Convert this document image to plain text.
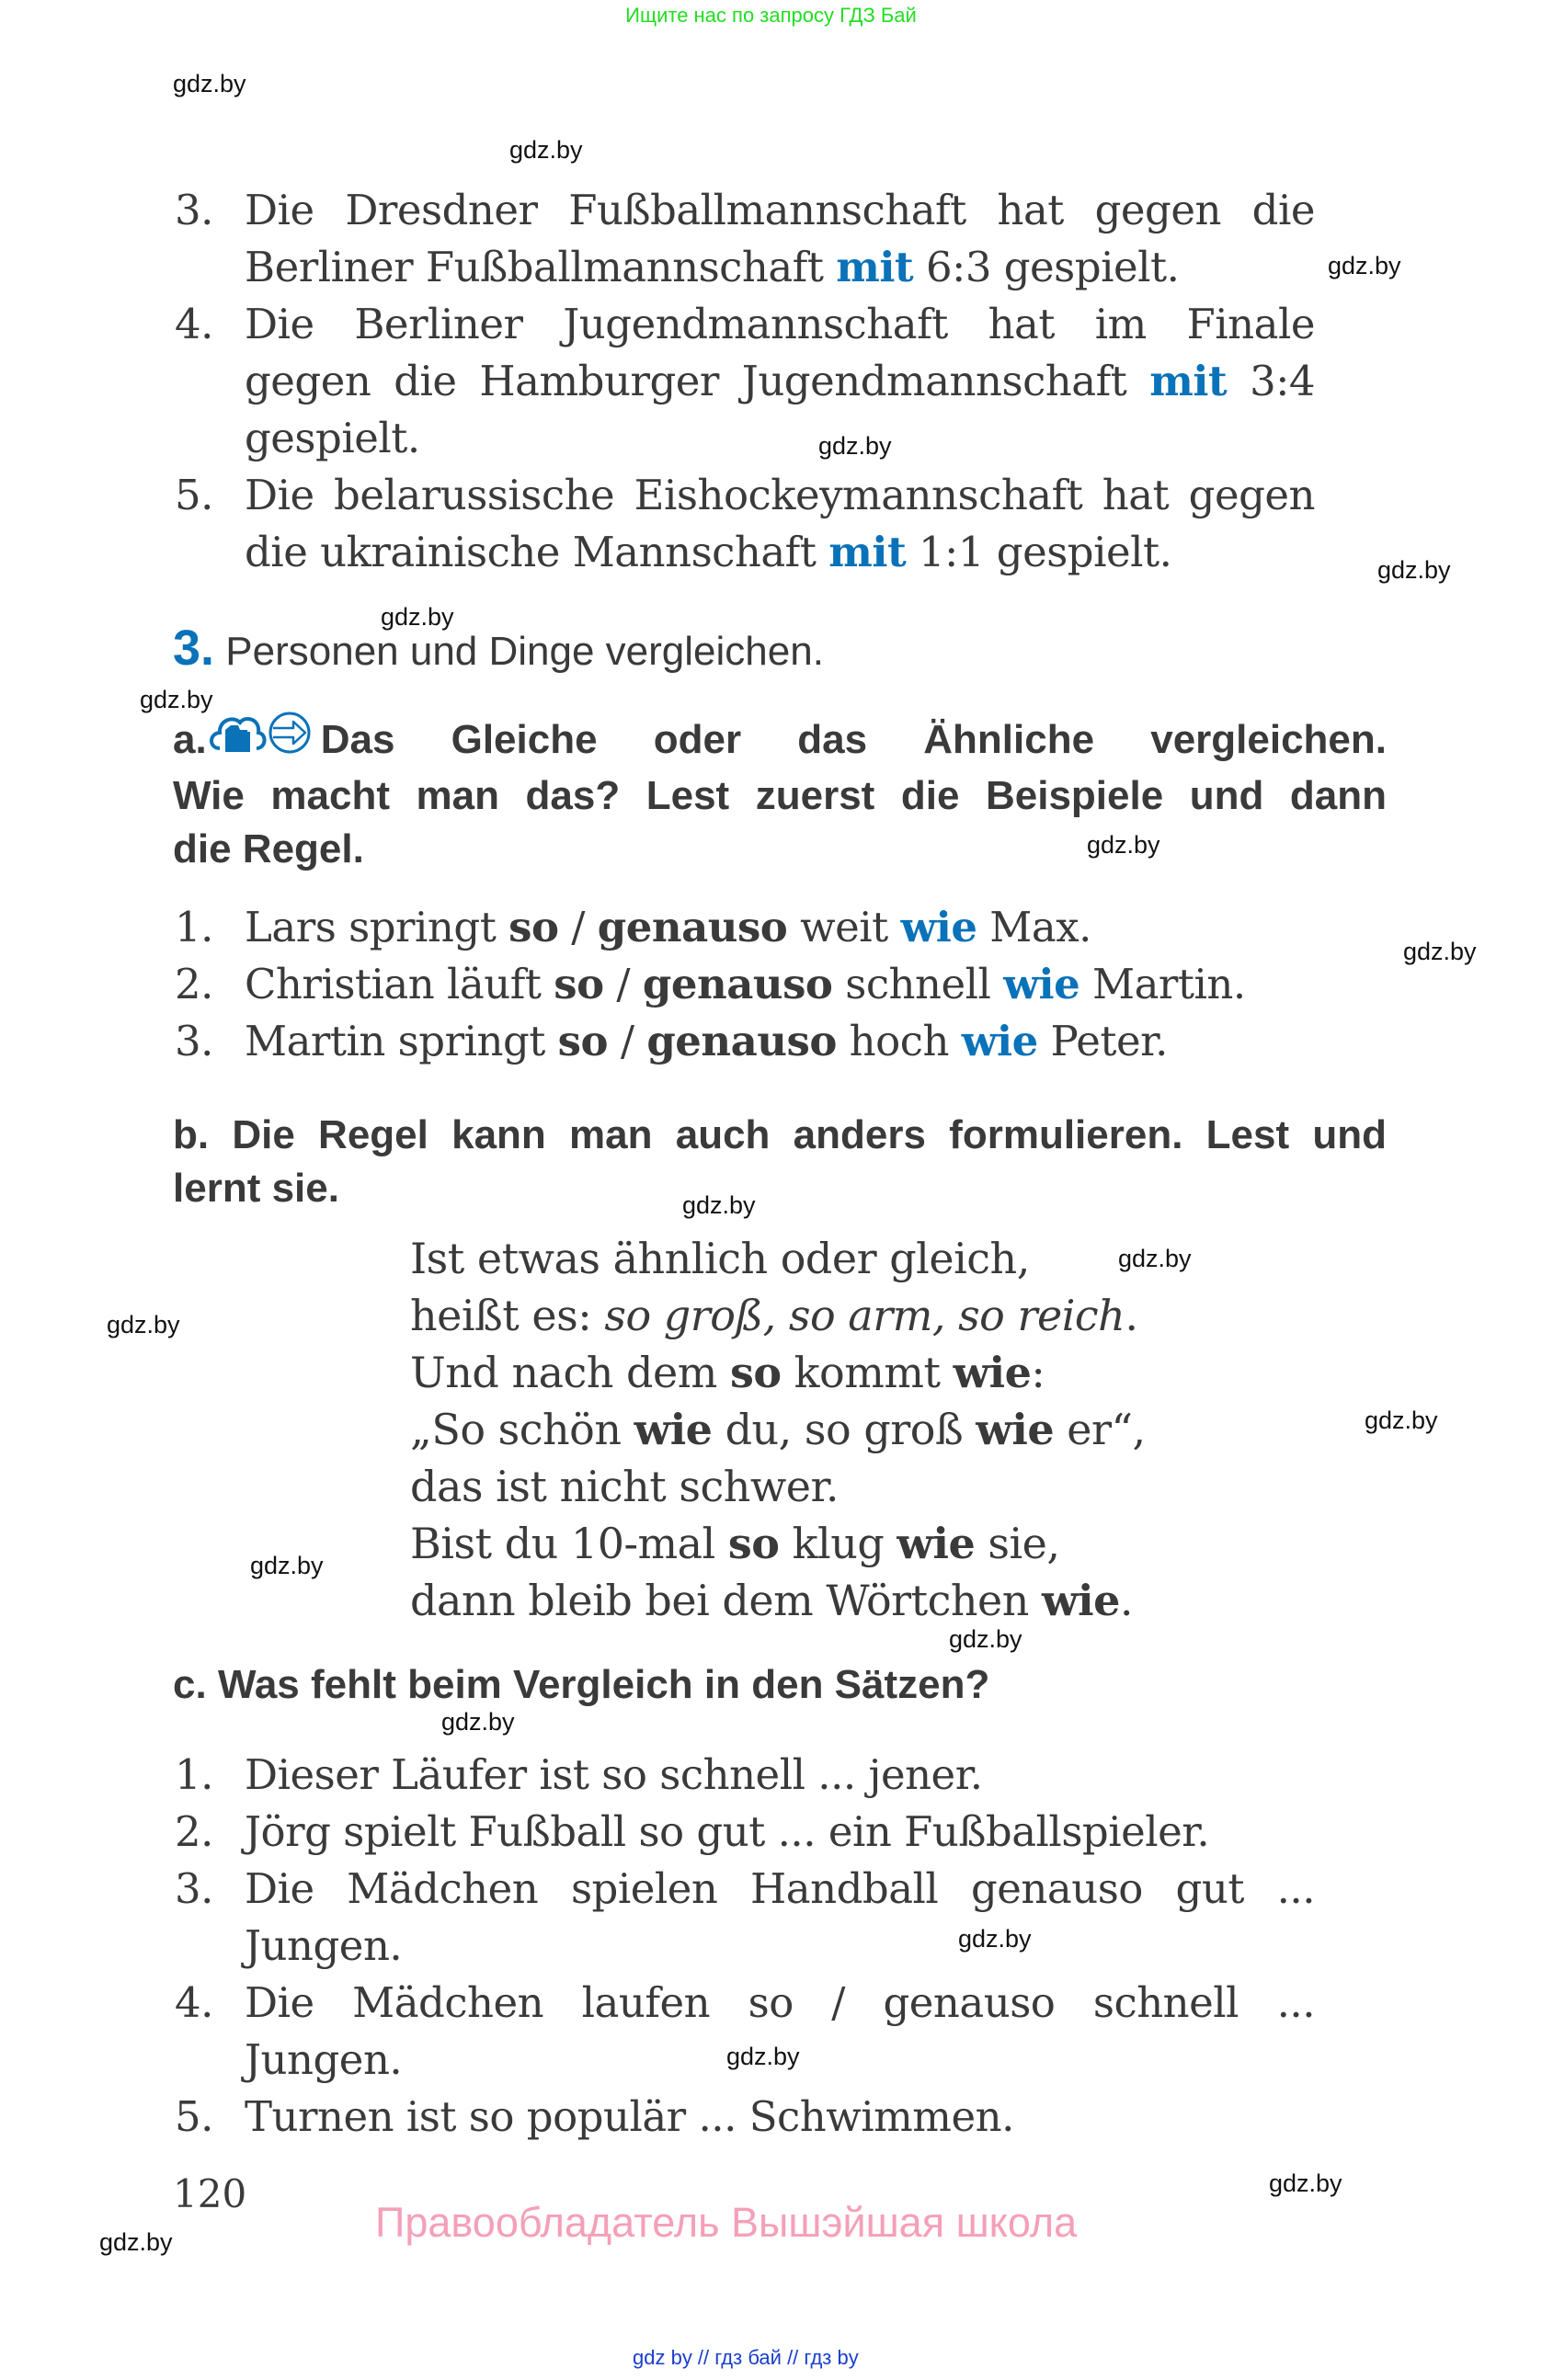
Ищите нас по запросу ГДЗ Бай
gdz.by
gdz.by
gdz.by
gdz.by
gdz.by
gdz.by
gdz.by
gdz.by
gdz.by
gdz.by
gdz.by
gdz.by
gdz.by
gdz.by
gdz.by
gdz.by
gdz.by
gdz.by
gdz.by
gdz.by
3. Die Dresdner Fußballmannschaft hat gegen die
Berliner Fußballmannschaft mit 6:3 gespielt.
4. Die Berliner Jugendmannschaft hat im Finale
gegen die Hamburger Jugendmannschaft mit 3:4
gespielt.
5. Die belarussische Eishockeymannschaft hat gegen
die ukrainische Mannschaft mit 1:1 gespielt.
3. Personen und Dinge vergleichen.
a.	Das Gleiche oder das Ähnliche vergleichen.
Wie macht man das? Lest zuerst die Beispiele und dann
die Regel.
1. Lars springt so / genauso weit wie Max.
2. Christian läuft so / genauso schnell wie Martin.
3. Martin springt so / genauso hoch wie Peter.
b. Die Regel kann man auch anders formulieren. Lest und
lernt sie.
Ist etwas ähnlich oder gleich,
heißt es: so groß, so arm, so reich.
Und nach dem so kommt wie:
„So schön wie du, so groß wie er“,
das ist nicht schwer.
Bist du 10-mal so klug wie sie,
dann bleib bei dem Wörtchen wie.
c. Was fehlt beim Vergleich in den Sätzen?
1. Dieser Läufer ist so schnell ... jener.
2. Jörg spielt Fußball so gut ... ein Fußballspieler.
3. Die Mädchen spielen Handball genauso gut ...
Jungen.
4. Die Mädchen laufen so / genauso schnell ...
Jungen.
5. Turnen ist so populär ... Schwimmen.
120
Правообладатель Вышэйшая школа
gdz by // гдз бай // гдз by
